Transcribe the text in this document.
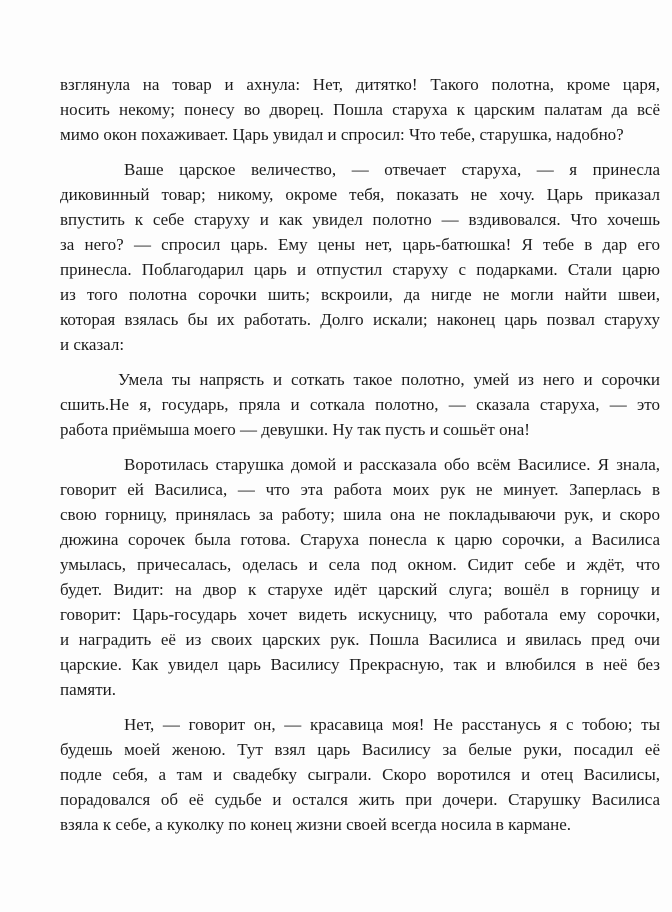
взглянула на товар и ахнула: Нет, дитятко! Такого полотна, кроме царя,
носить некому; понесу во дворец. Пошла старуха к царским палатам да всё
мимо окон похаживает. Царь увидал и спросил: Что тебе, старушка, надобно?
Ваше царское величество, — отвечает старуха, — я принесла
диковинный товар; никому, окроме тебя, показать не хочу. Царь приказал
впустить к себе старуху и как увидел полотно — вздивовался. Что хочешь
за него? — спросил царь. Ему цены нет, царь-батюшка! Я тебе в дар его
принесла. Поблагодарил царь и отпустил старуху с подарками. Стали царю
из того полотна сорочки шить; вскроили, да нигде не могли найти швеи,
которая взялась бы их работать. Долго искали; наконец царь позвал старуху
и сказал:
Умела ты напрясть и соткать такое полотно, умей из него и сорочки
сшить.Не я, государь, пряла и соткала полотно, — сказала старуха, — это
работа приёмыша моего — девушки. Ну так пусть и сошьёт она!
Воротилась старушка домой и рассказала обо всём Василисе. Я знала,
говорит ей Василиса, — что эта работа моих рук не минует. Заперлась в
свою горницу, принялась за работу; шила она не покладываючи рук, и скоро
дюжина сорочек была готова. Старуха понесла к царю сорочки, а Василиса
умылась, причесалась, оделась и села под окном. Сидит себе и ждёт, что
будет. Видит: на двор к старухе идёт царский слуга; вошёл в горницу и
говорит: Царь-государь хочет видеть искусницу, что работала ему сорочки,
и наградить её из своих царских рук. Пошла Василиса и явилась пред очи
царские. Как увидел царь Василису Прекрасную, так и влюбился в неё без
памяти.
Нет, — говорит он, — красавица моя! Не расстанусь я с тобою; ты
будешь моей женою. Тут взял царь Василису за белые руки, посадил её
подле себя, а там и свадебку сыграли. Скоро воротился и отец Василисы,
порадовался об её судьбе и остался жить при дочери. Старушку Василиса
взяла к себе, а куколку по конец жизни своей всегда носила в кармане.
